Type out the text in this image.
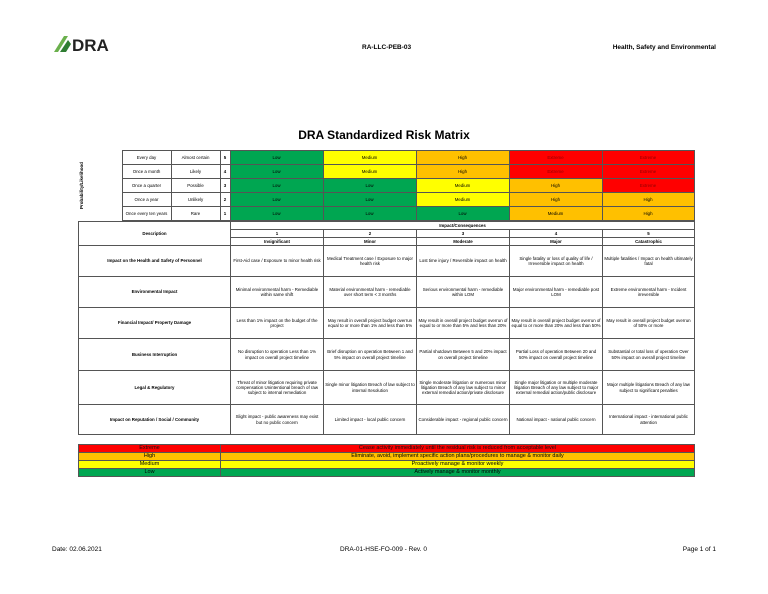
DRA	RA-LLC-PEB-03	Health, Safety and Environmental
DRA Standardized Risk Matrix
Probability/Likelihood	Every day	Almost certain	5	Low	Medium	High	Extreme	Extreme
	Once a month	Likely	4	Low	Medium	High	Extreme	Extreme
	Once a quarter	Possible	3	Low	Low	Medium	High	Extreme
	Once a year	Unlikely	2	Low	Low	Medium	High	High
	Once every ten years	Rare	1	Low	Low	Low	Medium	High
Description	Impact/Consequences				
	1	2	3	4	5
	Insignificant	Minor	Moderate	Major	Catastrophic
Impact on the Health and Safety of Personnel	First-Aid case / Exposure to minor health risk	Medical Treatment case / Exposure to major health risk	Lost time injury / Reversible impact on health	Single fatality or loss of quality of life / Irreversible impact on health	Multiple fatalities / Impact on health ultimately fatal
Environmental Impact	Minimal environmental harm - Remediable within same shift	Material environmental harm - remediable over short term < 3 months	Serious environmental harm - remediable within LOM	Major environmental harm - remediable post LOM	Extreme environmental harm - Incident irreversible
Financial Impact/ Property Damage	Less than 1% impact on the budget of the project	May result in overall project budget overrun equal to or more than 1% and less than 5%	May result in overall project budget overrun of equal to or more than 5% and less than 20%	May result in overall project budget overrun of equal to or more than 20% and less than 50%	May result in overall project budget overrun of 50% or more
Business Interruption	No disruption to operation Less than 1% impact on overall project timeline	Brief disruption on operation Between 1 and 5% impact on overall project timeline	Partial shutdown Between 5 and 20% impact on overall project timeline	Partial Loss of operation Between 20 and 50% impact on overall project timeline	Substantial or total loss of operation Over 50% impact on overall project timeline
Legal & Regulatory	Threat of minor litigation requiring private compensation Unintentional breach of raw subject to internal remediation	Single minor litigation Breach of law subject to internal rtesolution	Single moderate litigation or numerous minor litigation Breach of any law subject to minor external remedial action/private disclosure	Single major litigation or multiple moderate litigation Breach of any law subject to major external remedial action/public disclosure	Major multiple litigations Breach of any law subject to significant penalties
Impact on Reputation / Social / Community	Slight impact - public awareness may exist but no public concern	Limited impact - local public concern	Considerable impact - regional public concern	National impact - national public concern	International impact - international public attention
Extreme	Cease activity immediately until the residual risk is reduced from acceptable level
High	Eliminate, avoid, implement specific action plans/procedures to manage & monitor daily
Medium	Proactively manage & monitor weekly
Low	Actively manage & monitor monthly
Date: 02.06.2021	DRA-01-HSE-FO-009 - Rev. 0	Page 1 of 1
